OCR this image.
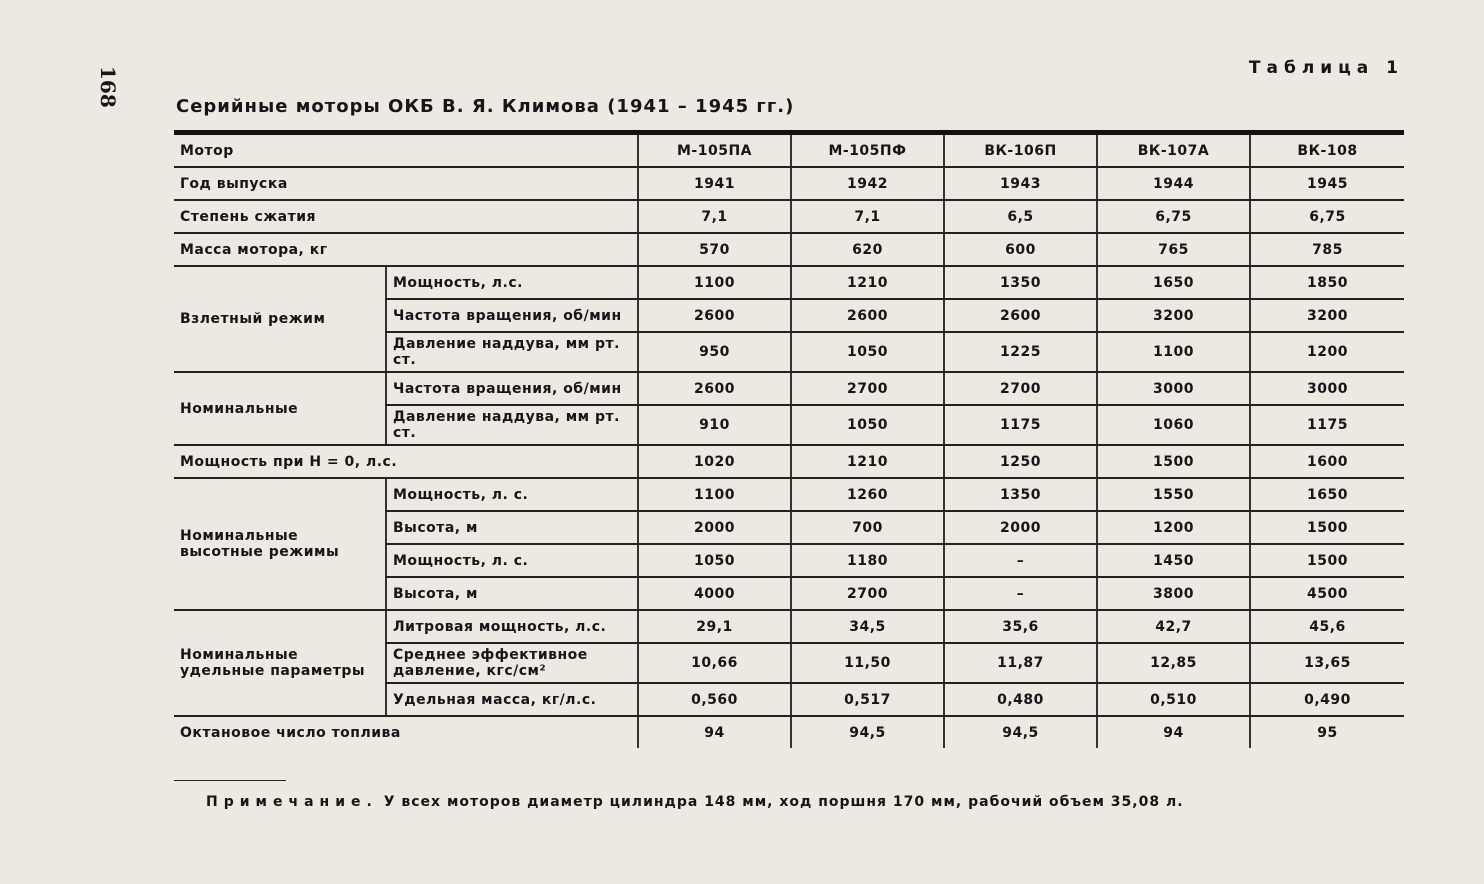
168	Таблица 1
Серийные моторы ОКБ В. Я. Климова (1941 – 1945 гг.)
Мотор		М-105ПА	М-105ПФ	ВК-106П	ВК-107А	ВК-108
Год выпуска		1941	1942	1943	1944	1945
Степень сжатия		7,1	7,1	6,5	6,75	6,75
Масса мотора, кг		570	620	600	765	785
Взлетный режим	Мощность, л.с.	1100	1210	1350	1650	1850
	Частота вращения, об/мин	2600	2600	2600	3200	3200
	Давление наддува, мм рт. ст.	950	1050	1225	1100	1200
Номинальные	Частота вращения, об/мин	2600	2700	2700	3000	3000
	Давление наддува, мм рт. ст.	910	1050	1175	1060	1175
Мощность при H = 0, л.с.		1020	1210	1250	1500	1600
Номинальные высотные режимы	Мощность, л. с.	1100	1260	1350	1550	1650
	Высота, м	2000	700	2000	1200	1500
	Мощность, л. с.	1050	1180	–	1450	1500
	Высота, м	4000	2700	–	3800	4500
Номинальные удельные параметры	Литровая мощность, л.с.	29,1	34,5	35,6	42,7	45,6
	Среднее эффективное давление, кгс/см²	10,66	11,50	11,87	12,85	13,65
	Удельная масса, кг/л.с.	0,560	0,517	0,480	0,510	0,490
Октановое число топлива		94	94,5	94,5	94	95
Примечание. У всех моторов диаметр цилиндра 148 мм, ход поршня 170 мм, рабочий объем 35,08 л.
